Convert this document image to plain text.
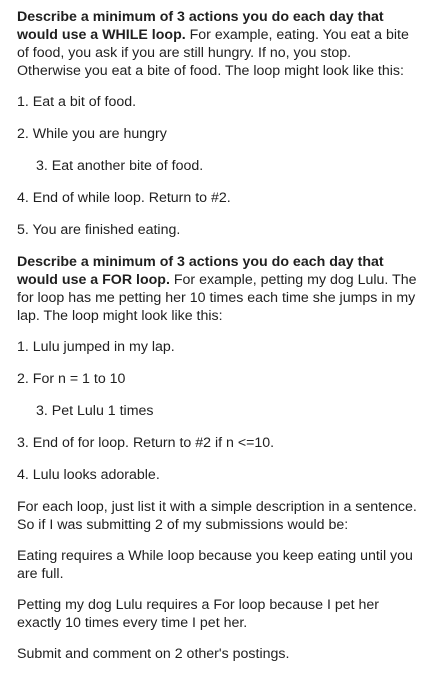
Describe a minimum of 3 actions you do each day that would use a WHILE loop. For example, eating. You eat a bite of food, you ask if you are still hungry. If no, you stop. Otherwise you eat a bite of food. The loop might look like this:

1. Eat a bit of food.

2. While you are hungry

3. Eat another bite of food.

4. End of while loop. Return to #2.

5. You are finished eating.

Describe a minimum of 3 actions you do each day that would use a FOR loop. For example, petting my dog Lulu. The for loop has me petting her 10 times each time she jumps in my lap. The loop might look like this:

1. Lulu jumped in my lap.

2. For n = 1 to 10

3. Pet Lulu 1 times

3. End of for loop. Return to #2 if n <=10.

4. Lulu looks adorable.

For each loop, just list it with a simple description in a sentence. So if I was submitting 2 of my submissions would be:

Eating requires a While loop because you keep eating until you are full.

Petting my dog Lulu requires a For loop because I pet her exactly 10 times every time I pet her.

Submit and comment on 2 other's postings.
